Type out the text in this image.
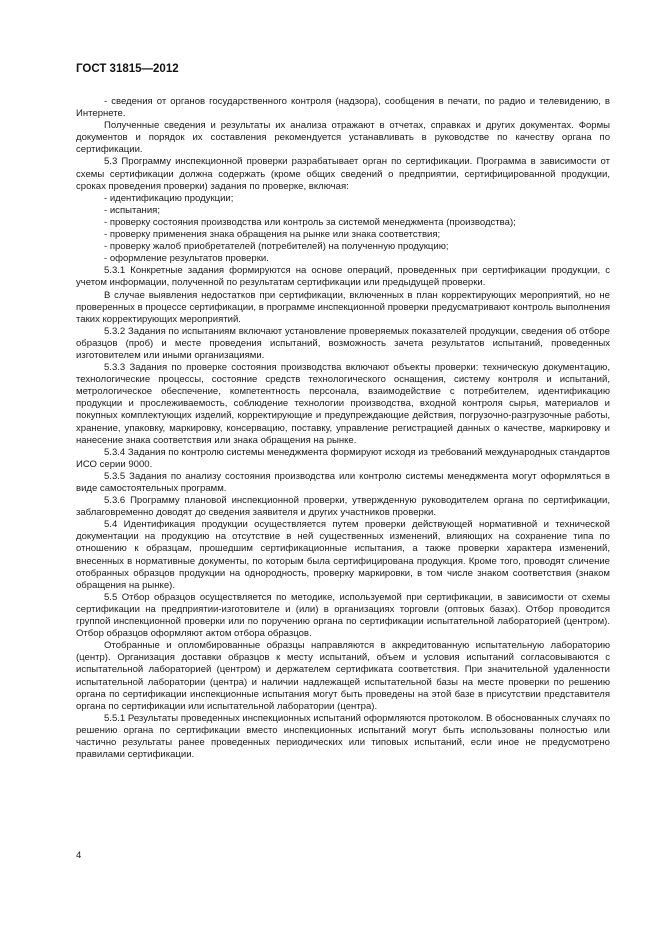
ГОСТ 31815—2012

- сведения от органов государственного контроля (надзора), сообщения в печати, по радио и телевидению, в Интернете.

Полученные сведения и результаты их анализа отражают в отчетах, справках и других документах. Формы документов и порядок их составления рекомендуется устанавливать в руководстве по качеству органа по сертификации.

5.3 Программу инспекционной проверки разрабатывает орган по сертификации. Программа в зависимости от схемы сертификации должна содержать (кроме общих сведений о предприятии, сертифицированной продукции, сроках проведения проверки) задания по проверке, включая:

- идентификацию продукции;

- испытания;

- проверку состояния производства или контроль за системой менеджмента (производства);

- проверку применения знака обращения на рынке или знака соответствия;

- проверку жалоб приобретателей (потребителей) на полученную продукцию;

- оформление результатов проверки.

5.3.1 Конкретные задания формируются на основе операций, проведенных при сертификации продукции, с учетом информации, полученной по результатам сертификации или предыдущей проверки.

В случае выявления недостатков при сертификации, включенных в план корректирующих мероприятий, но не проверенных в процессе сертификации, в программе инспекционной проверки предусматривают контроль выполнения таких корректирующих мероприятий.

5.3.2 Задания по испытаниям включают установление проверяемых показателей продукции, сведения об отборе образцов (проб) и месте проведения испытаний, возможность зачета результатов испытаний, проведенных изготовителем или иными организациями.

5.3.3 Задания по проверке состояния производства включают объекты проверки: техническую документацию, технологические процессы, состояние средств технологического оснащения, систему контроля и испытаний, метрологическое обеспечение, компетентность персонала, взаимодействие с потребителем, идентификацию продукции и прослеживаемость, соблюдение технологии производства, входной контроля сырья, материалов и покупных комплектующих изделий, корректирующие и предупреждающие действия, погрузочно-разгрузочные работы, хранение, упаковку, маркировку, консервацию, поставку, управление регистрацией данных о качестве, маркировку и нанесение знака соответствия или знака обращения на рынке.

5.3.4 Задания по контролю системы менеджмента формируют исходя из требований международных стандартов ИСО серии 9000.

5.3.5 Задания по анализу состояния производства или контролю системы менеджмента могут оформляться в виде самостоятельных программ.

5.3.6 Программу плановой инспекционной проверки, утвержденную руководителем органа по сертификации, заблаговременно доводят до сведения заявителя и других участников проверки.

5.4 Идентификация продукции осуществляется путем проверки действующей нормативной и технической документации на продукцию на отсутствие в ней существенных изменений, влияющих на сохранение типа по отношению к образцам, прошедшим сертификационные испытания, а также проверки характера изменений, внесенных в нормативные документы, по которым была сертифицирована продукция. Кроме того, проводят сличение отобранных образцов продукции на однородность, проверку маркировки, в том числе знаком соответствия (знаком обращения на рынке).

5.5 Отбор образцов осуществляется по методике, используемой при сертификации, в зависимости от схемы сертификации на предприятии-изготовителе и (или) в организациях торговли (оптовых базах). Отбор проводится группой инспекционной проверки или по поручению органа по сертификации испытательной лабораторией (центром). Отбор образцов оформляют актом отбора образцов.

Отобранные и опломбированные образцы направляются в аккредитованную испытательную лабораторию (центр). Организация доставки образцов к месту испытаний, объем и условия испытаний согласовываются с испытательной лабораторией (центром) и держателем сертификата соответствия. При значительной удаленности испытательной лаборатории (центра) и наличии надлежащей испытательной базы на месте проверки по решению органа по сертификации инспекционные испытания могут быть проведены на этой базе в присутствии представителя органа по сертификации или испытательной лаборатории (центра).

5.5.1 Результаты проведенных инспекционных испытаний оформляются протоколом. В обоснованных случаях по решению органа по сертификации вместо инспекционных испытаний могут быть использованы полностью или частично результаты ранее проведенных периодических или типовых испытаний, если иное не предусмотрено правилами сертификации.

4
